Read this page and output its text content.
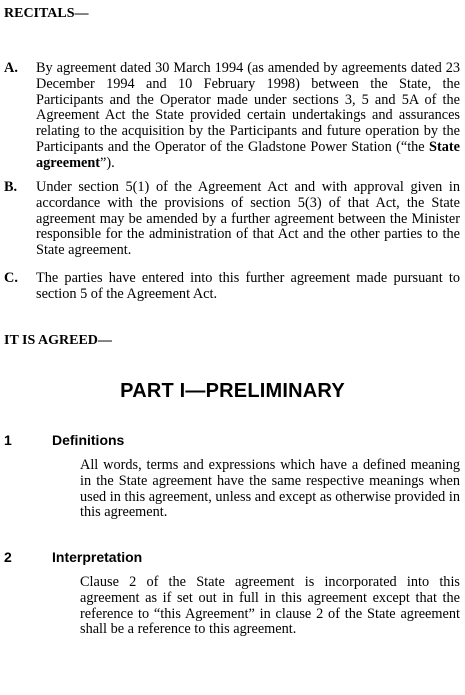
RECITALS—
A. By agreement dated 30 March 1994 (as amended by agreements dated 23 December 1994 and 10 February 1998) between the State, the Participants and the Operator made under sections 3, 5 and 5A of the Agreement Act the State provided certain undertakings and assurances relating to the acquisition by the Participants and future operation by the Participants and the Operator of the Gladstone Power Station (“the State agreement”).
B. Under section 5(1) of the Agreement Act and with approval given in accordance with the provisions of section 5(3) of that Act, the State agreement may be amended by a further agreement between the Minister responsible for the administration of that Act and the other parties to the State agreement.
C. The parties have entered into this further agreement made pursuant to section 5 of the Agreement Act.
IT IS AGREED—
PART I—PRELIMINARY
1	Definitions
All words, terms and expressions which have a defined meaning in the State agreement have the same respective meanings when used in this agreement, unless and except as otherwise provided in this agreement.
2	Interpretation
Clause 2 of the State agreement is incorporated into this agreement as if set out in full in this agreement except that the reference to “this Agreement” in clause 2 of the State agreement shall be a reference to this agreement.
